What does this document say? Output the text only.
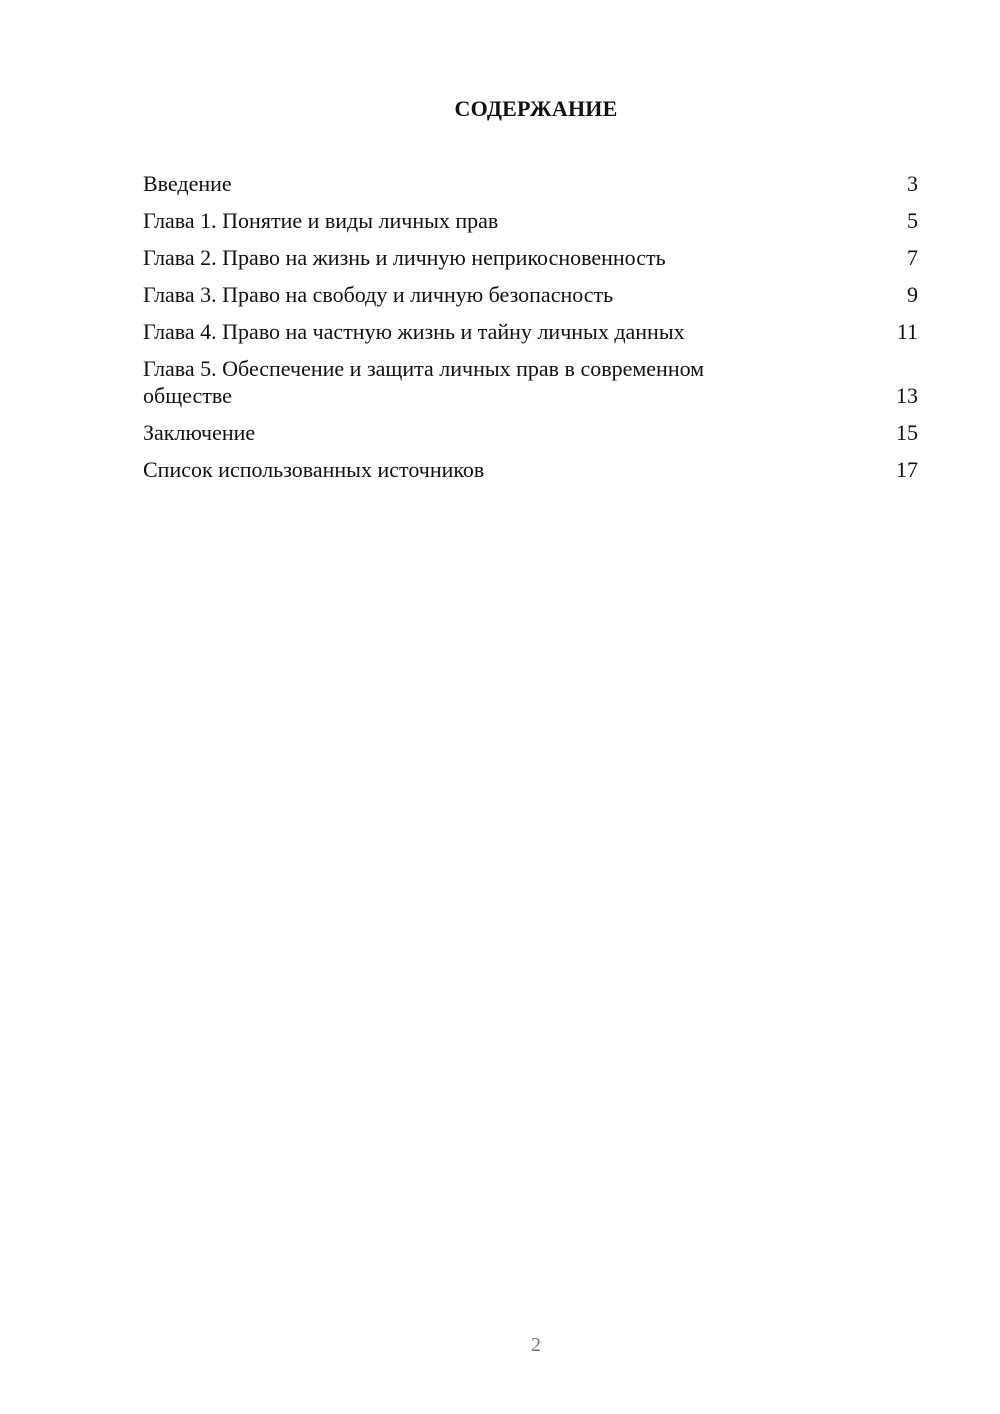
СОДЕРЖАНИЕ
Введение	3
Глава 1. Понятие и виды личных прав	5
Глава 2. Право на жизнь и личную неприкосновенность	7
Глава 3. Право на свободу и личную безопасность	9
Глава 4. Право на частную жизнь и тайну личных данных	11
Глава 5. Обеспечение и защита личных прав в современном обществе	13
Заключение	15
Список использованных источников	17
2
